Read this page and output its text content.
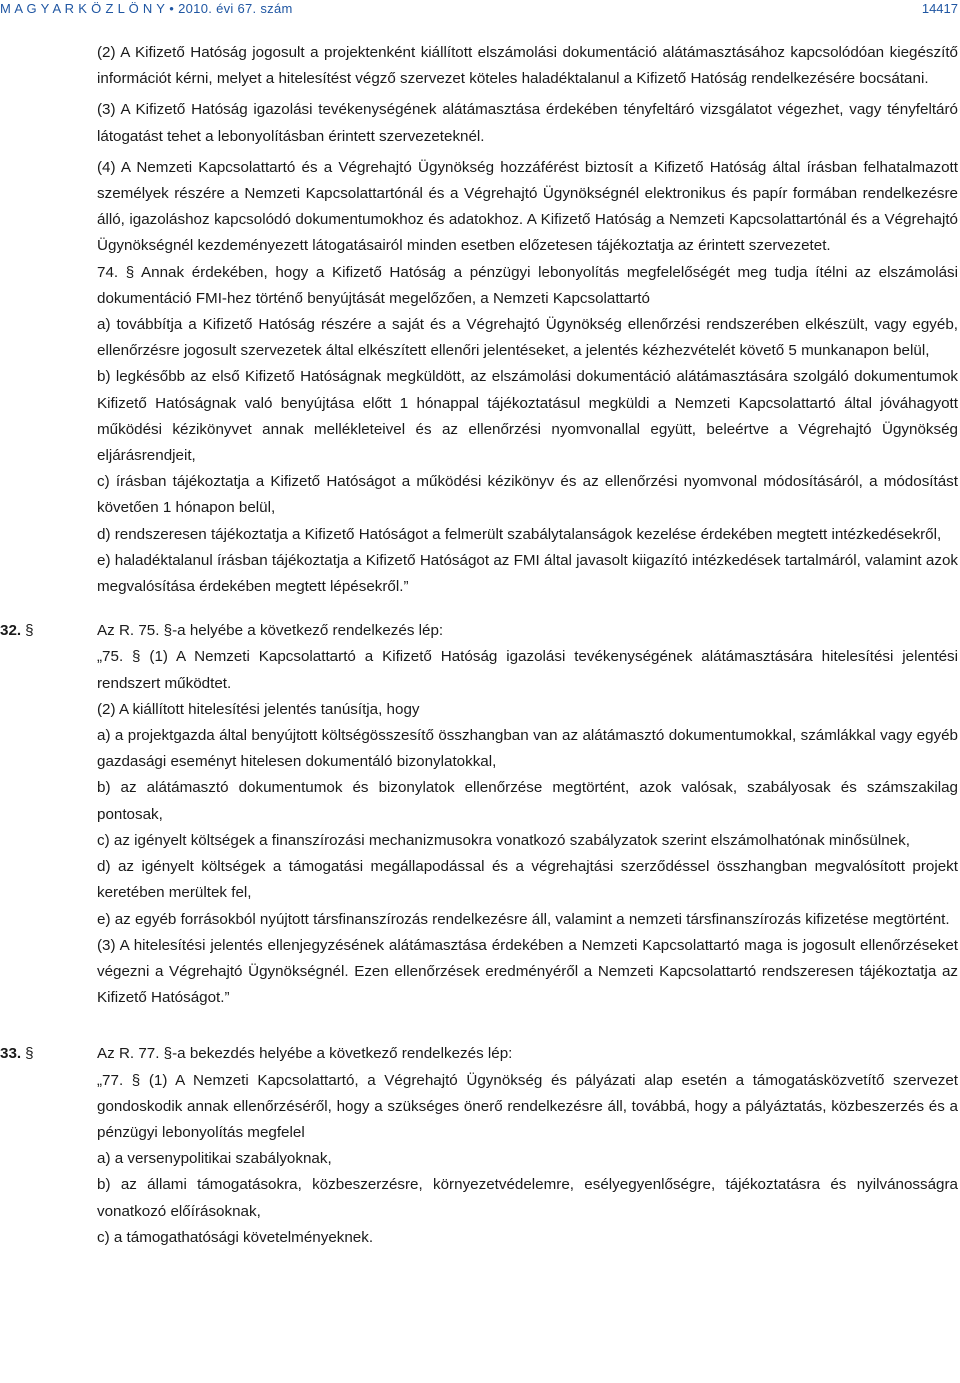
M A G Y A R K Ö Z L Ö N Y • 2010. évi 67. szám	14417

(2) A Kifizető Hatóság jogosult a projektenként kiállított elszámolási dokumentáció alátámasztásához kapcsolódóan kiegészítő információt kérni, melyet a hitelesítést végző szervezet köteles haladéktalanul a Kifizető Hatóság rendelkezésére bocsátani.

(3) A Kifizető Hatóság igazolási tevékenységének alátámasztása érdekében tényfeltáró vizsgálatot végezhet, vagy tényfeltáró látogatást tehet a lebonyolításban érintett szervezeteknél.

(4) A Nemzeti Kapcsolattartó és a Végrehajtó Ügynökség hozzáférést biztosít a Kifizető Hatóság által írásban felhatalmazott személyek részére a Nemzeti Kapcsolattartónál és a Végrehajtó Ügynökségnél elektronikus és papír formában rendelkezésre álló, igazoláshoz kapcsolódó dokumentumokhoz és adatokhoz. A Kifizető Hatóság a Nemzeti Kapcsolattartónál és a Végrehajtó Ügynökségnél kezdeményezett látogatásairól minden esetben előzetesen tájékoztatja az érintett szervezetet.

74. § Annak érdekében, hogy a Kifizető Hatóság a pénzügyi lebonyolítás megfelelőségét meg tudja ítélni az elszámolási dokumentáció FMI-hez történő benyújtását megelőzően, a Nemzeti Kapcsolattartó

a) továbbítja a Kifizető Hatóság részére a saját és a Végrehajtó Ügynökség ellenőrzési rendszerében elkészült, vagy egyéb, ellenőrzésre jogosult szervezetek által elkészített ellenőri jelentéseket, a jelentés kézhezvételét követő 5 munkanapon belül,

b) legkésőbb az első Kifizető Hatóságnak megküldött, az elszámolási dokumentáció alátámasztására szolgáló dokumentumok Kifizető Hatóságnak való benyújtása előtt 1 hónappal tájékoztatásul megküldi a Nemzeti Kapcsolattartó által jóváhagyott működési kézikönyvet annak mellékleteivel és az ellenőrzési nyomvonallal együtt, beleértve a Végrehajtó Ügynökség eljárásrendjeit,

c) írásban tájékoztatja a Kifizető Hatóságot a működési kézikönyv és az ellenőrzési nyomvonal módosításáról, a módosítást követően 1 hónapon belül,

d) rendszeresen tájékoztatja a Kifizető Hatóságot a felmerült szabálytalanságok kezelése érdekében megtett intézkedésekről,

e) haladéktalanul írásban tájékoztatja a Kifizető Hatóságot az FMI által javasolt kiigazító intézkedések tartalmáról, valamint azok megvalósítása érdekében megtett lépésekről.”

32. §	Az R. 75. §-a helyébe a következő rendelkezés lép:

„75. § (1) A Nemzeti Kapcsolattartó a Kifizető Hatóság igazolási tevékenységének alátámasztására hitelesítési jelentési rendszert működtet.

(2) A kiállított hitelesítési jelentés tanúsítja, hogy

a) a projektgazda által benyújtott költségösszesítő összhangban van az alátámasztó dokumentumokkal, számlákkal vagy egyéb gazdasági eseményt hitelesen dokumentáló bizonylatokkal,

b) az alátámasztó dokumentumok és bizonylatok ellenőrzése megtörtént, azok valósak, szabályosak és számszakilag pontosak,

c) az igényelt költségek a finanszírozási mechanizmusokra vonatkozó szabályzatok szerint elszámolhatónak minősülnek,

d) az igényelt költségek a támogatási megállapodással és a végrehajtási szerződéssel összhangban megvalósított projekt keretében merültek fel,

e) az egyéb forrásokból nyújtott társfinanszírozás rendelkezésre áll, valamint a nemzeti társfinanszírozás kifizetése megtörtént.

(3) A hitelesítési jelentés ellenjegyzésének alátámasztása érdekében a Nemzeti Kapcsolattartó maga is jogosult ellenőrzéseket végezni a Végrehajtó Ügynökségnél. Ezen ellenőrzések eredményéről a Nemzeti Kapcsolattartó rendszeresen tájékoztatja az Kifizető Hatóságot.”

33. §	Az R. 77. §-a bekezdés helyébe a következő rendelkezés lép:

„77. § (1) A Nemzeti Kapcsolattartó, a Végrehajtó Ügynökség és pályázati alap esetén a támogatásközvetítő szervezet gondoskodik annak ellenőrzéséről, hogy a szükséges önerő rendelkezésre áll, továbbá, hogy a pályáztatás, közbeszerzés és a pénzügyi lebonyolítás megfelel

a) a versenypolitikai szabályoknak,

b) az állami támogatásokra, közbeszerzésre, környezetvédelemre, esélyegyenlőségre, tájékoztatásra és nyilvánosságra vonatkozó előírásoknak,

c) a támogathatósági követelményeknek.
